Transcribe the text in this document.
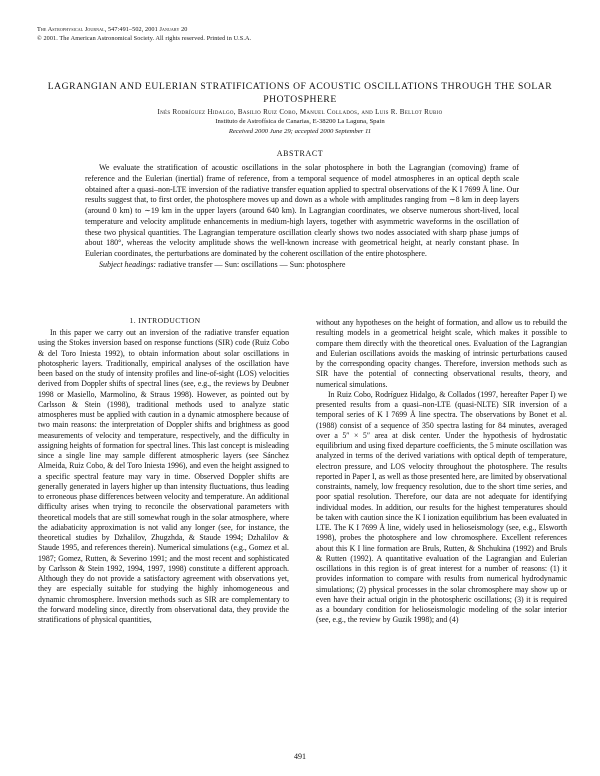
The Astrophysical Journal, 547:491–502, 2001 January 20
© 2001. The American Astronomical Society. All rights reserved. Printed in U.S.A.
LAGRANGIAN AND EULERIAN STRATIFICATIONS OF ACOUSTIC OSCILLATIONS THROUGH THE SOLAR PHOTOSPHERE
Inés Rodríguez Hidalgo, Basilio Ruiz Cobo, Manuel Collados, and Luis R. Bellot Rubio
Instituto de Astrofísica de Canarias, E-38200 La Laguna, Spain
Received 2000 June 29; accepted 2000 September 11
ABSTRACT

We evaluate the stratification of acoustic oscillations in the solar photosphere in both the Lagrangian (comoving) frame of reference and the Eulerian (inertial) frame of reference, from a temporal sequence of model atmospheres in an optical depth scale obtained after a quasi–non-LTE inversion of the radiative transfer equation applied to spectral observations of the K I 7699 Å line. Our results suggest that, to first order, the photosphere moves up and down as a whole with amplitudes ranging from ∼8 km in deep layers (around 0 km) to ∼19 km in the upper layers (around 640 km). In Lagrangian coordinates, we observe numerous short-lived, local temperature and velocity amplitude enhancements in medium-high layers, together with asymmetric waveforms in the oscillation of these two physical quantities. The Lagrangian temperature oscillation clearly shows two nodes associated with sharp phase jumps of about 180°, whereas the velocity amplitude shows the well-known increase with geometrical height, at nearly constant phase. In Eulerian coordinates, the perturbations are dominated by the coherent oscillation of the entire photosphere.

Subject headings: radiative transfer — Sun: oscillations — Sun: photosphere

1. INTRODUCTION

In this paper we carry out an inversion of the radiative transfer equation using the Stokes inversion based on response functions (SIR) code (Ruiz Cobo & del Toro Iniesta 1992), to obtain information about solar oscillations in photospheric layers. Traditionally, empirical analyses of the oscillation have been based on the study of intensity profiles and line-of-sight (LOS) velocities derived from Doppler shifts of spectral lines (see, e.g., the reviews by Deubner 1998 or Masiello, Marmolino, & Straus 1998). However, as pointed out by Carlsson & Stein (1998), traditional methods used to analyze static atmospheres must be applied with caution in a dynamic atmosphere because of two main reasons: the interpretation of Doppler shifts and brightness as good measurements of velocity and temperature, respectively, and the difficulty in assigning heights of formation for spectral lines. This last concept is misleading since a single line may sample different atmospheric layers (see Sánchez Almeida, Ruiz Cobo, & del Toro Iniesta 1996), and even the height assigned to a specific spectral feature may vary in time. Observed Doppler shifts are generally generated in layers higher up than intensity fluctuations, thus leading to erroneous phase differences between velocity and temperature. An additional difficulty arises when trying to reconcile the observational parameters with theoretical models that are still somewhat rough in the solar atmosphere, where the adiabaticity approximation is not valid any longer (see, for instance, the theoretical studies by Dzhalilov, Zhugzhda, & Staude 1994; Dzhalilov & Staude 1995, and references therein). Numerical simulations (e.g., Gomez et al. 1987; Gomez, Rutten, & Severino 1991; and the most recent and sophisticated by Carlsson & Stein 1992, 1994, 1997, 1998) constitute a different approach. Although they do not provide a satisfactory agreement with observations yet, they are especially suitable for studying the highly inhomogeneous and dynamic chromosphere. Inversion methods such as SIR are complementary to the forward modeling since, directly from observational data, they provide the stratifications of physical quantities,

without any hypotheses on the height of formation, and allow us to rebuild the resulting models in a geometrical height scale, which makes it possible to compare them directly with the theoretical ones. Evaluation of the Lagrangian and Eulerian oscillations avoids the masking of intrinsic perturbations caused by the corresponding opacity changes. Therefore, inversion methods such as SIR have the potential of connecting observational results, theory, and numerical simulations.

In Ruiz Cobo, Rodríguez Hidalgo, & Collados (1997, hereafter Paper I) we presented results from a quasi–non-LTE (quasi-NLTE) SIR inversion of a temporal series of K I 7699 Å line spectra. The observations by Bonet et al. (1988) consist of a sequence of 350 spectra lasting for 84 minutes, averaged over a 5″ × 5″ area at disk center. Under the hypothesis of hydrostatic equilibrium and using fixed departure coefficients, the 5 minute oscillation was analyzed in terms of the derived variations with optical depth of temperature, electron pressure, and LOS velocity throughout the photosphere. The results reported in Paper I, as well as those presented here, are limited by observational constraints, namely, low frequency resolution, due to the short time series, and poor spatial resolution. Therefore, our data are not adequate for identifying individual modes. In addition, our results for the highest temperatures should be taken with caution since the K I ionization equilibrium has been evaluated in LTE. The K I 7699 Å line, widely used in helioseismology (see, e.g., Elsworth 1998), probes the photosphere and low chromosphere. Excellent references about this K I line formation are Bruls, Rutten, & Shchukina (1992) and Bruls & Rutten (1992). A quantitative evaluation of the Lagrangian and Eulerian oscillations in this region is of great interest for a number of reasons: (1) it provides information to compare with results from numerical hydrodynamic simulations; (2) physical processes in the solar chromosphere may show up or even have their actual origin in the photospheric oscillations; (3) it is required as a boundary condition for helioseismologic modeling of the solar interior (see, e.g., the review by Guzik 1998); and (4)

491
